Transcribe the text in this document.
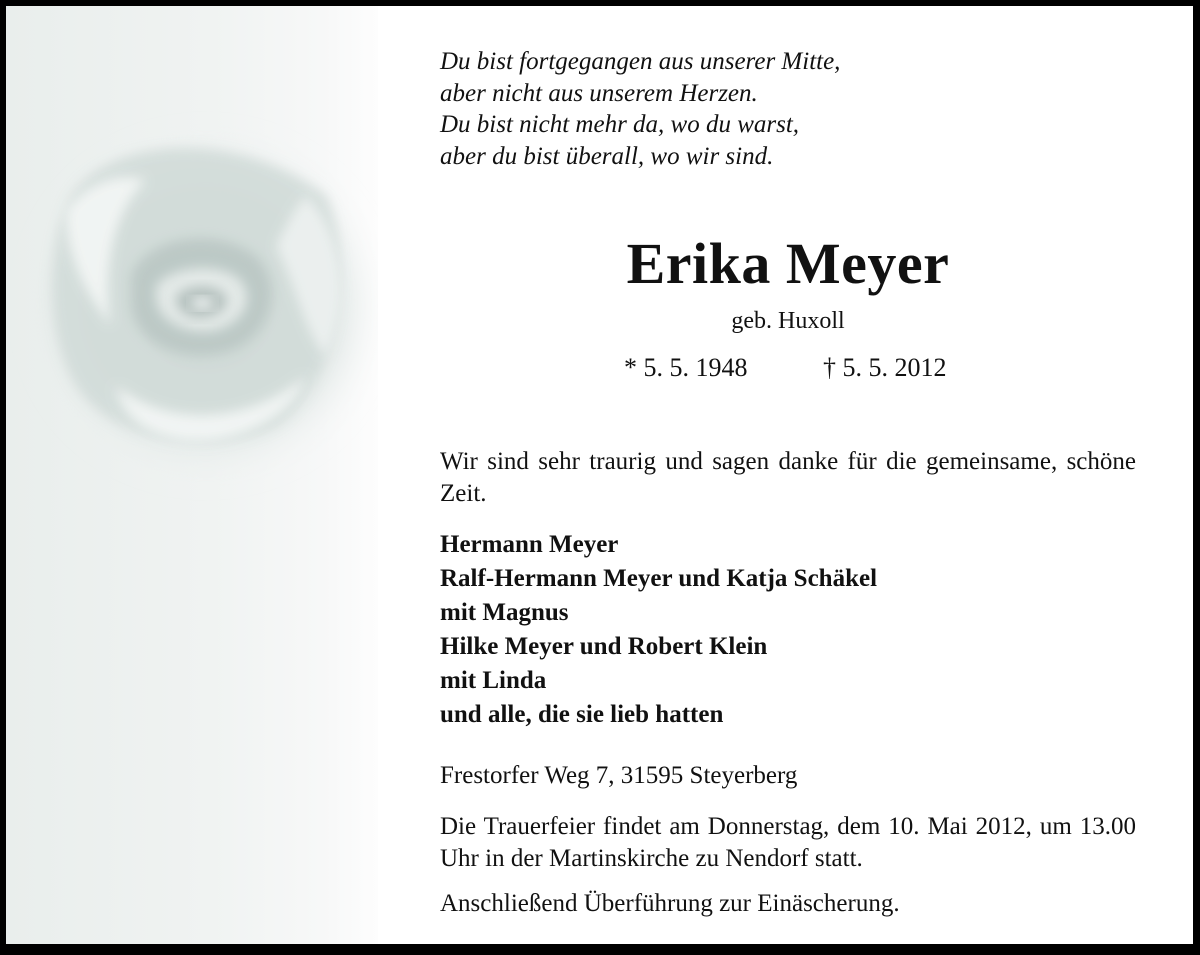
Du bist fortgegangen aus unserer Mitte,
aber nicht aus unserem Herzen.
Du bist nicht mehr da, wo du warst,
aber du bist überall, wo wir sind.
Erika Meyer
geb. Huxoll
* 5. 5. 1948	† 5. 5. 2012
Wir sind sehr traurig und sagen danke für die gemeinsame, schöne Zeit.
Hermann Meyer
Ralf-Hermann Meyer und Katja Schäkel
mit Magnus
Hilke Meyer und Robert Klein
mit Linda
und alle, die sie lieb hatten
Frestorfer Weg 7, 31595 Steyerberg
Die Trauerfeier findet am Donnerstag, dem 10. Mai 2012, um 13.00 Uhr in der Martinskirche zu Nendorf statt.
Anschließend Überführung zur Einäscherung.
